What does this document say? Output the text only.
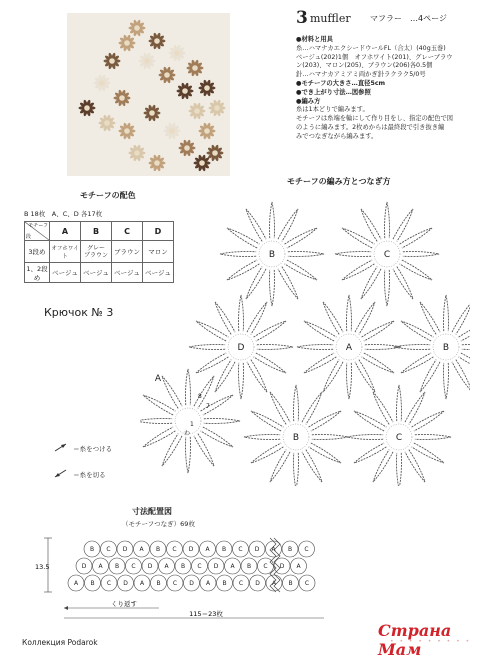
3 muffler マフラー　…4ページ
●材料と用具
糸…ハマナカエクシードウールFL（合太）(40g玉巻)
ベージュ(202)1個　オフホワイト(201)、グレーブラウ
ン(203)、マロン(205)、ブラウン(206)各0.5個
針…ハマナカアミアミ両かぎ針ラクラク5/0号
●モチーフの大きさ…直径5cm
●でき上がり寸法…図参照
●編み方
糸は1本どりで編みます。
モチーフは糸端を輪にして作り目をし、指定の配色で図
のように編みます。2枚めからは最終段で引き抜き編
みでつなぎながら編みます。
モチーフの配色
B 18枚　A、C、D 各17枚
モチーフ
段	A	B	C	D
3段め	オフホワイト	グレー
ブラウン	ブラウン	マロン
1、2段め	ベージュ	ベージュ	ベージュ	ベージュ
Крючок № 3
＝糸をつける
＝糸を切る
モチーフの編み方とつなぎ方
B	C
D	A	B
B	C
A
8
7
わ
1
寸法配置図
（モチーフつなぎ）69枚
13.5
B C D A B C D A B C D A B C
D A B C D A B C D A B C D A
A B C D A B C D A B C D A B C
くり返す
115＝23枚
Коллекция Podarok
Страна Мам
• • • • • • • • •
